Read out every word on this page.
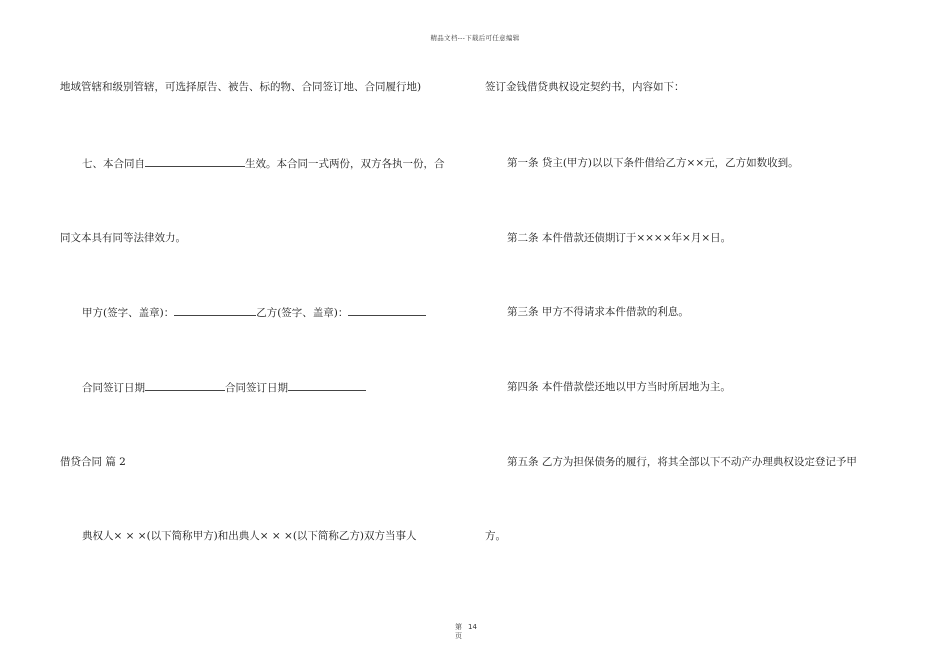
精品文档---下载后可任意编辑
地域管辖和级别管辖，可选择原告、被告、标的物、合同签订地、合同履行地)
七、本合同自	生效。本合同一式两份，双方各执一份，合
同文本具有同等法律效力。
甲方(签字、盖章)：	乙方(签字、盖章)：
合同签订日期	合同签订日期
借贷合同 篇 2
典权人× × ×(以下简称甲方)和出典人× × ×(以下简称乙方)双方当事人
签订金钱借贷典权设定契约书，内容如下：
第一条 贷主(甲方)以以下条件借给乙方××元，乙方如数收到。
第二条 本件借款还债期订于××××年×月×日。
第三条 甲方不得请求本件借款的利息。
第四条 本件借款偿还地以甲方当时所居地为主。
第五条 乙方为担保债务的履行，将其全部以下不动产办理典权设定登记予甲
方。
第
页
14
